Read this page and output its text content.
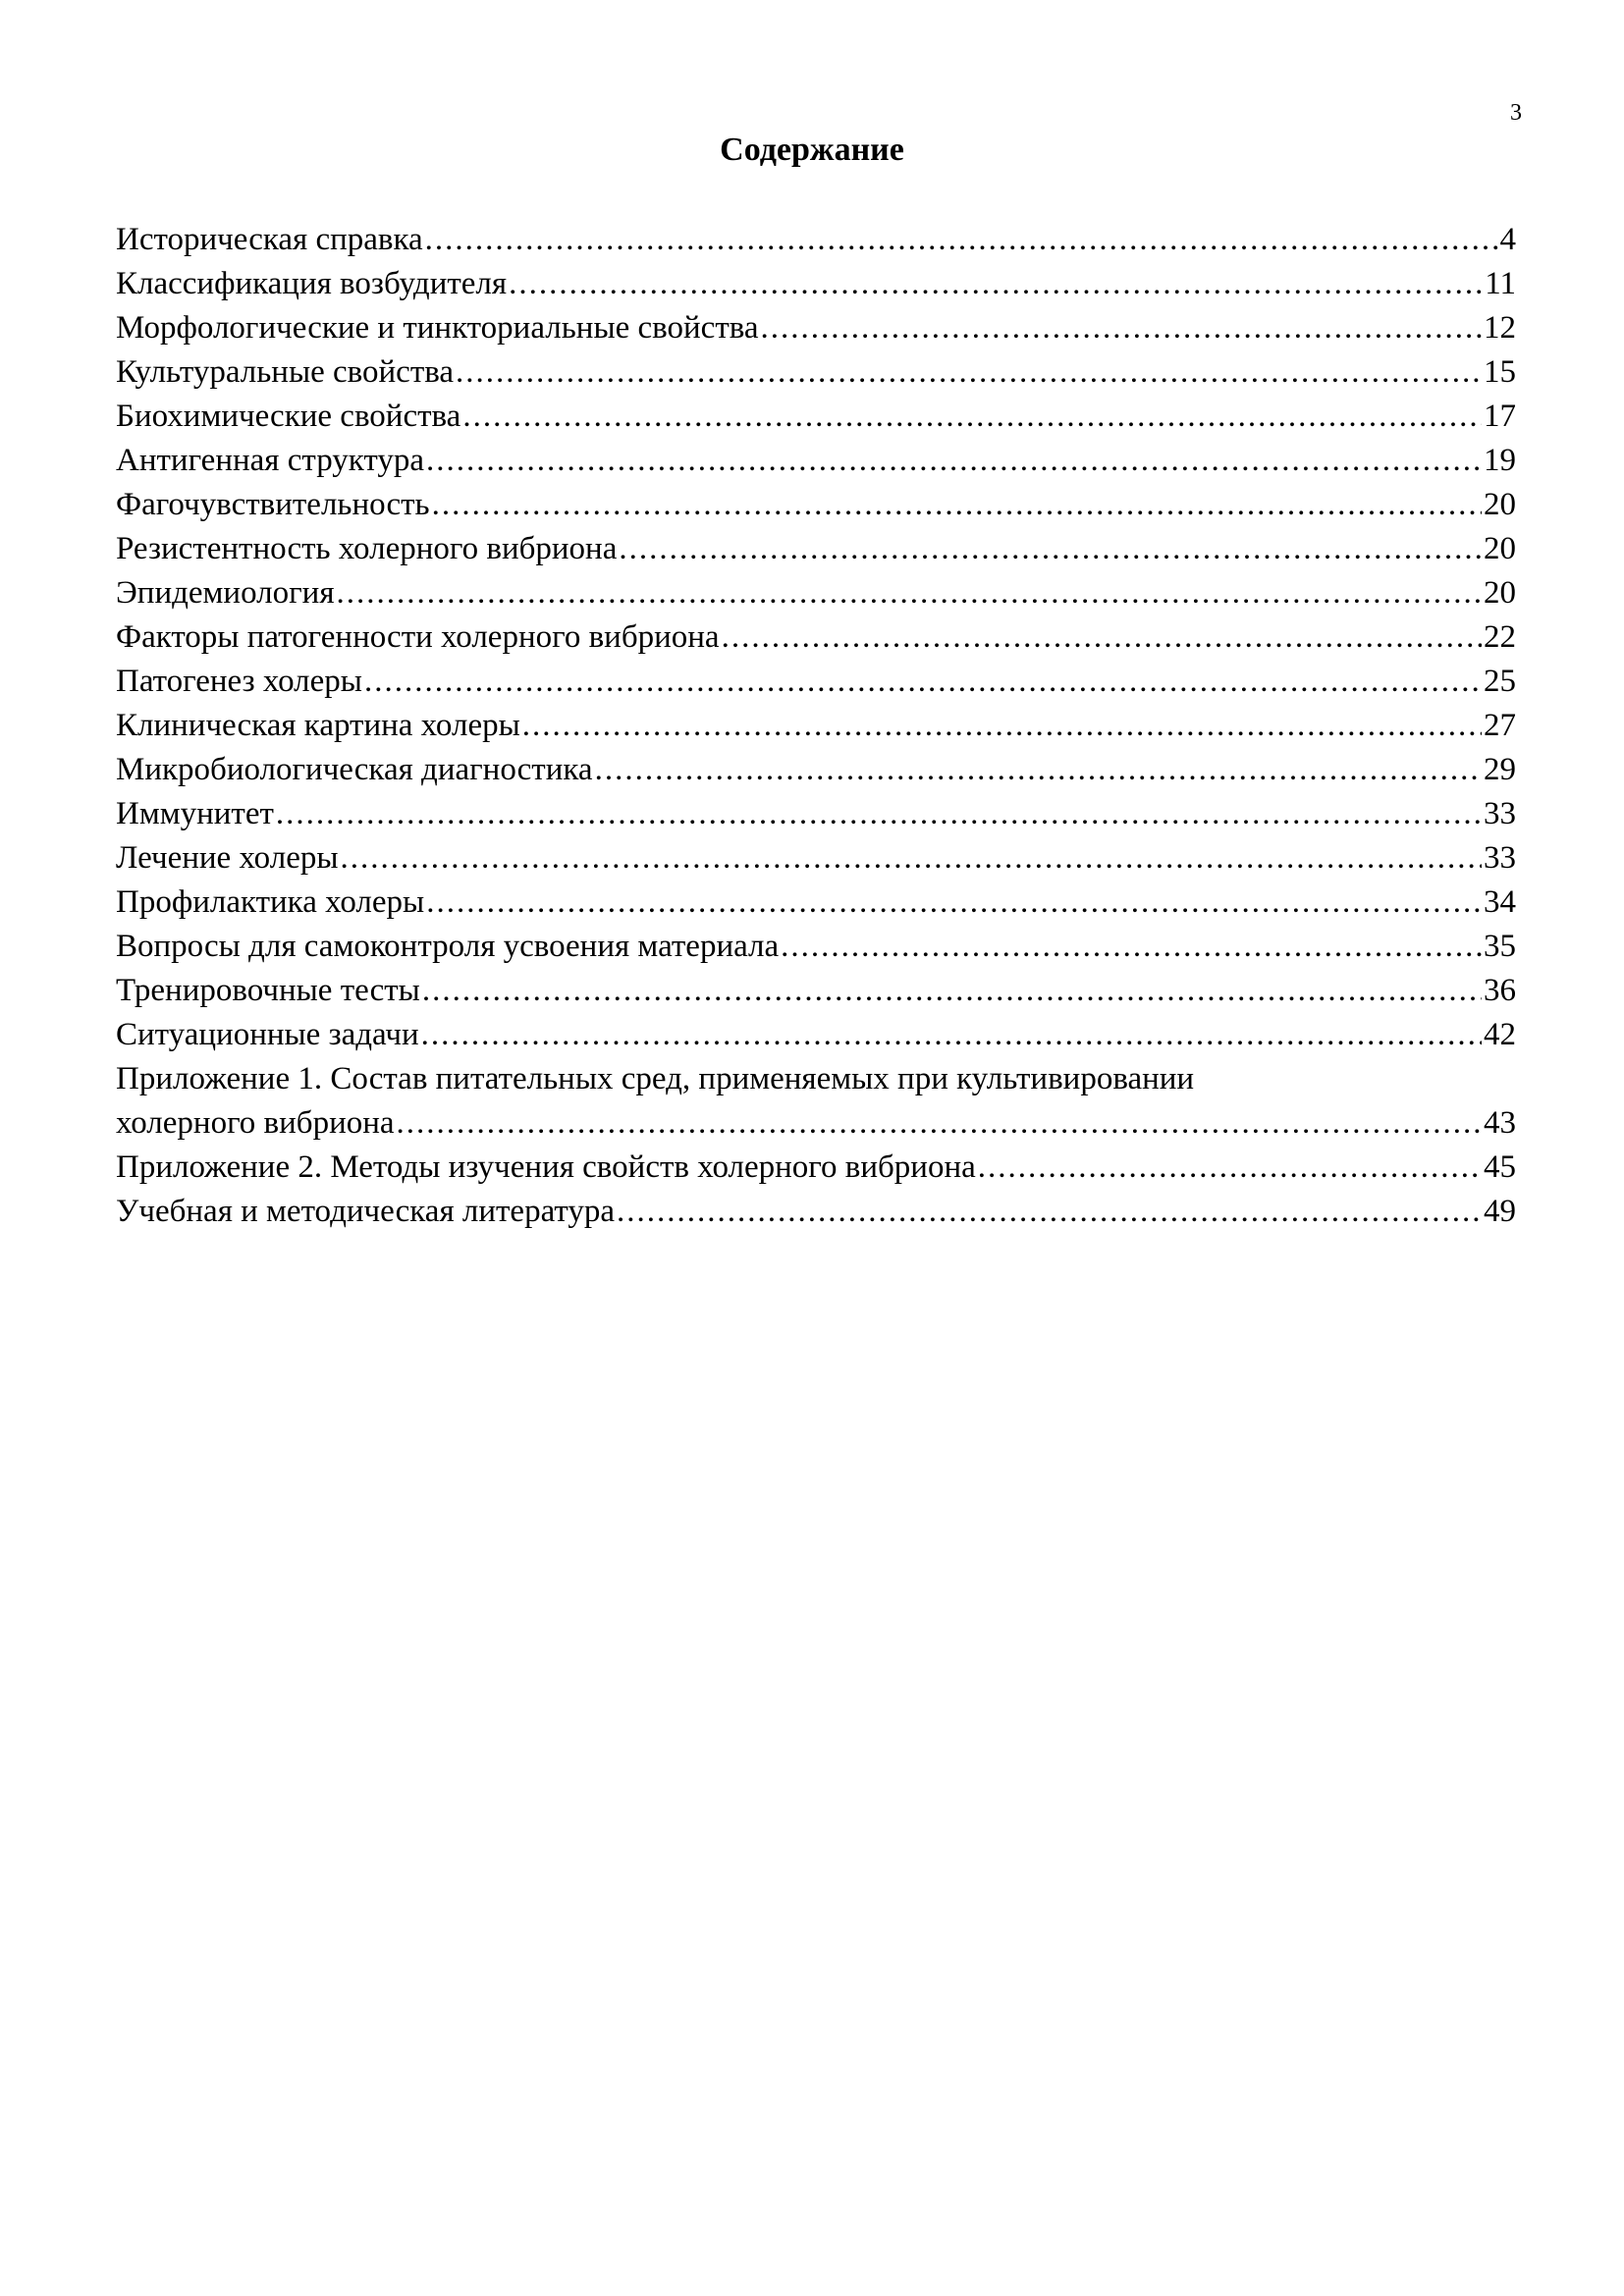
3
Содержание
Историческая справка .....	4
Классификация возбудителя .....	11
Морфологические и тинкториальные свойства .....	12
Культуральные свойства .....	15
Биохимические свойства .....	17
Антигенная структура .....	19
Фагочувствительность .....	20
Резистентность холерного вибриона .....	20
Эпидемиология .....	20
Факторы патогенности холерного вибриона .....	22
Патогенез холеры .....	25
Клиническая картина холеры .....	27
Микробиологическая диагностика .....	29
Иммунитет .....	33
Лечение холеры .....	33
Профилактика холеры .....	34
Вопросы для самоконтроля усвоения материала .....	35
Тренировочные тесты .....	36
Ситуационные задачи .....	42
Приложение 1. Состав питательных сред, применяемых при культивировании
холерного вибриона .....	43
Приложение 2. Методы изучения свойств холерного вибриона .....	45
Учебная и методическая литература .....	49
